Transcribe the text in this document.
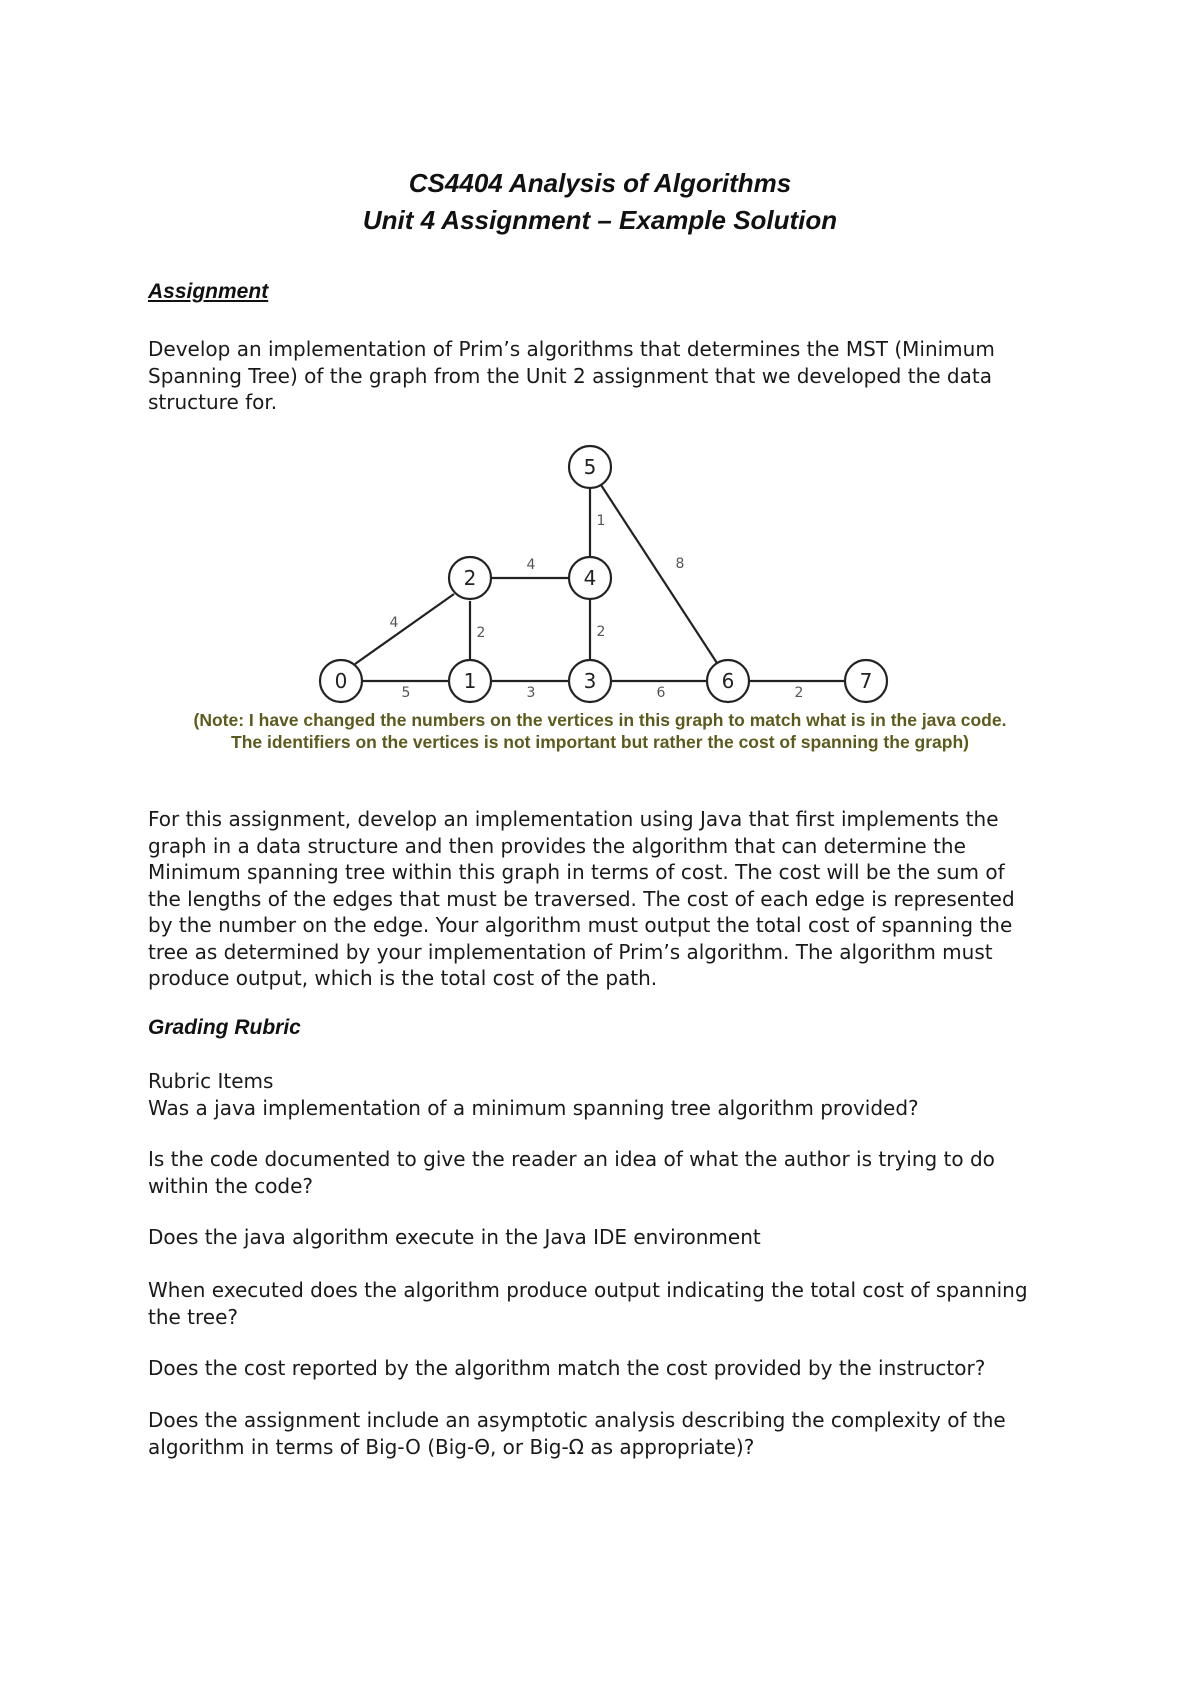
CS4404 Analysis of Algorithms
Unit 4 Assignment – Example Solution
Assignment
Develop an implementation of Prim’s algorithms that determines the MST (Minimum
Spanning Tree) of the graph from the Unit 2 assignment that we developed the data
structure for.
5
4
2
3
4
2
1
8
6	2
0	1
2
3
4
5
6	7
(Note: I have changed the numbers on the vertices in this graph to match what is in the java code.
The identifiers on the vertices is not important but rather the cost of spanning the graph)
For this assignment, develop an implementation using Java that first implements the
graph in a data structure and then provides the algorithm that can determine the
Minimum spanning tree within this graph in terms of cost. The cost will be the sum of
the lengths of the edges that must be traversed. The cost of each edge is represented
by the number on the edge. Your algorithm must output the total cost of spanning the
tree as determined by your implementation of Prim’s algorithm. The algorithm must
produce output, which is the total cost of the path.
Grading Rubric
Rubric Items
Was a java implementation of a minimum spanning tree algorithm provided?
Is the code documented to give the reader an idea of what the author is trying to do
within the code?
Does the java algorithm execute in the Java IDE environment
When executed does the algorithm produce output indicating the total cost of spanning
the tree?
Does the cost reported by the algorithm match the cost provided by the instructor?
Does the assignment include an asymptotic analysis describing the complexity of the
algorithm in terms of Big-O (Big-Θ, or Big-Ω as appropriate)?
